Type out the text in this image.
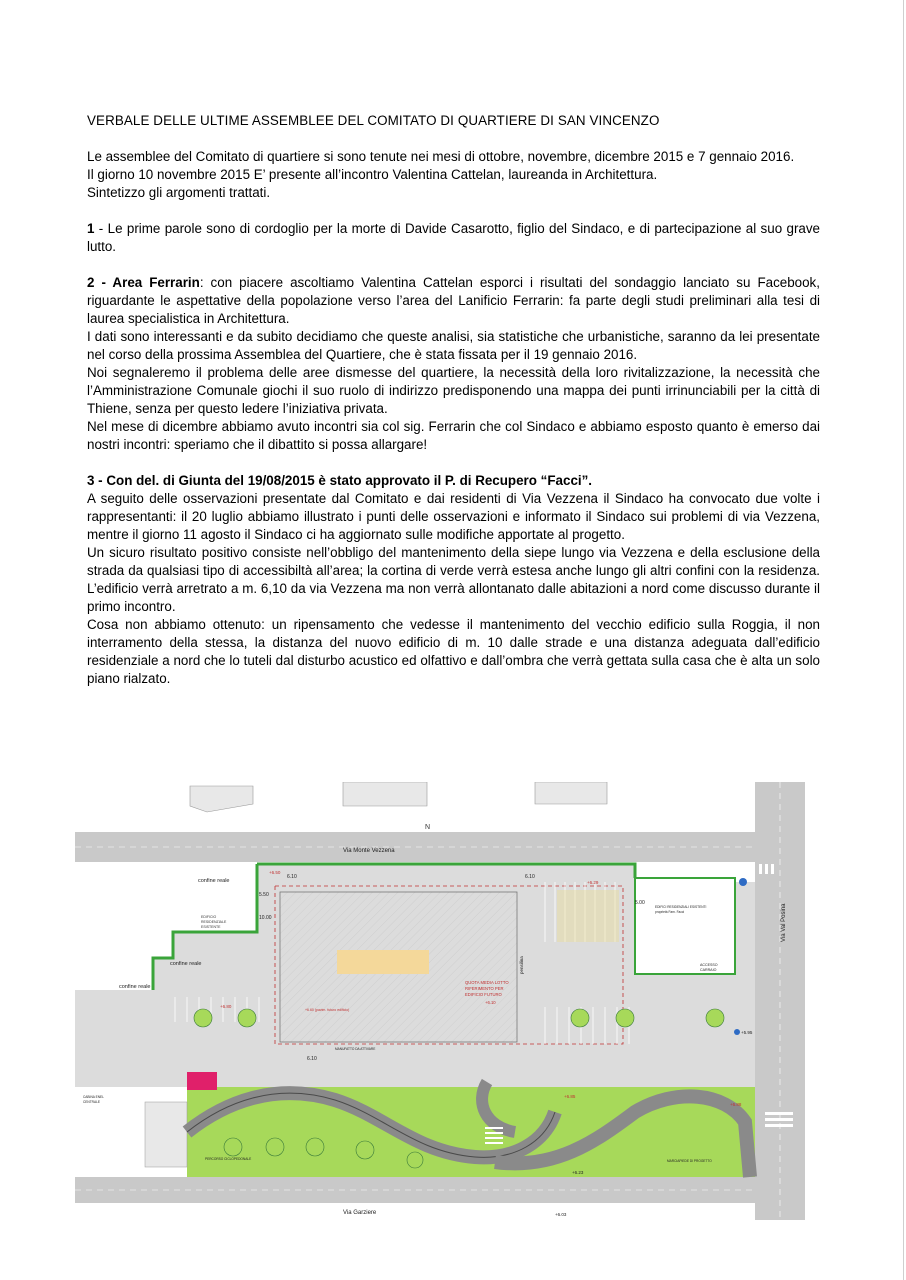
VERBALE DELLE ULTIME ASSEMBLEE DEL COMITATO DI QUARTIERE DI SAN VINCENZO

Le assemblee del Comitato di quartiere si sono tenute nei mesi di ottobre, novembre, dicembre 2015 e 7 gennaio 2016.

Il giorno 10 novembre 2015 E’ presente all’incontro Valentina Cattelan, laureanda in Architettura.

Sintetizzo gli argomenti trattati.

1 - Le prime parole sono di cordoglio per la morte di Davide Casarotto, figlio del Sindaco, e di partecipazione al suo grave lutto.

2 - Area Ferrarin: con piacere ascoltiamo Valentina Cattelan esporci i risultati del sondaggio lanciato su Facebook, riguardante le aspettative della popolazione verso l’area del Lanificio Ferrarin: fa parte degli studi preliminari alla tesi di laurea specialistica in Architettura.

I dati sono interessanti e da subito decidiamo che queste analisi, sia statistiche che urbanistiche, saranno da lei presentate nel corso della prossima Assemblea del Quartiere, che è stata fissata per il 19 gennaio 2016.

Noi segnaleremo il problema delle aree dismesse del quartiere, la necessità della loro rivitalizzazione, la necessità che l’Amministrazione Comunale giochi il suo ruolo di indirizzo predisponendo una mappa dei punti irrinunciabili per la città di Thiene, senza per questo ledere l’iniziativa privata.

Nel mese di dicembre abbiamo avuto incontri sia col sig. Ferrarin che col Sindaco e abbiamo esposto quanto è emerso dai nostri incontri: speriamo che il dibattito si possa allargare!

3 - Con del. di Giunta del 19/08/2015 è stato approvato il P. di Recupero “Facci”.

A seguito delle osservazioni presentate dal Comitato e dai residenti di Via Vezzena il Sindaco ha convocato due volte i rappresentanti: il 20 luglio abbiamo illustrato i punti delle osservazioni e informato il Sindaco sui problemi di via Vezzena, mentre il giorno 11 agosto il Sindaco ci ha aggiornato sulle modifiche apportate al progetto.

Un sicuro risultato positivo consiste nell’obbligo del mantenimento della siepe lungo via Vezzena e della esclusione della strada da qualsiasi tipo di accessibiltà all’area; la cortina di verde verrà estesa anche lungo gli altri confini con la residenza. L’edificio verrà arretrato a m. 6,10 da via Vezzena ma non verrà allontanato dalle abitazioni a nord come discusso durante il primo incontro.

Cosa non abbiamo ottenuto: un ripensamento che vedesse il mantenimento del vecchio edificio sulla Roggia, il non interramento della stessa, la distanza del nuovo edificio di m. 10 dalle strade e una distanza adeguata dall’edificio residenziale a nord che lo tuteli dal disturbo acustico ed olfattivo e dall’ombra che verrà gettata sulla casa che è alta un solo piano rialzato.

Via Monte Vezzena
N
Via Val Posina
Via Garziere
+6.60 (pavim. futuro edificio)
QUOTA MEDIA LOTTO
RIFERIMENTO PER
EDIFICIO FUTURO
+6.10
confine reale
confine reale
confine reale
EDIFICIO
RESIDENZIALE
ESISTENTE
5.50
10.00
5.00
6.10	6.10
6.10
+6.50
+6.29
+6.80
+6.85
+6.88
+6.23
+5.95
+6.03
pensilina	ACCESSO
CARRAIO
EDIFICI RESIDENZIALI ESISTENTI
proprietà Fam. Facci
CABINA ENEL
CENTRALE
PERCORSO CICLOPEDONALE
MANUFATTO DA ATTIVARE
MARCIAPIEDE DI PROGETTO
